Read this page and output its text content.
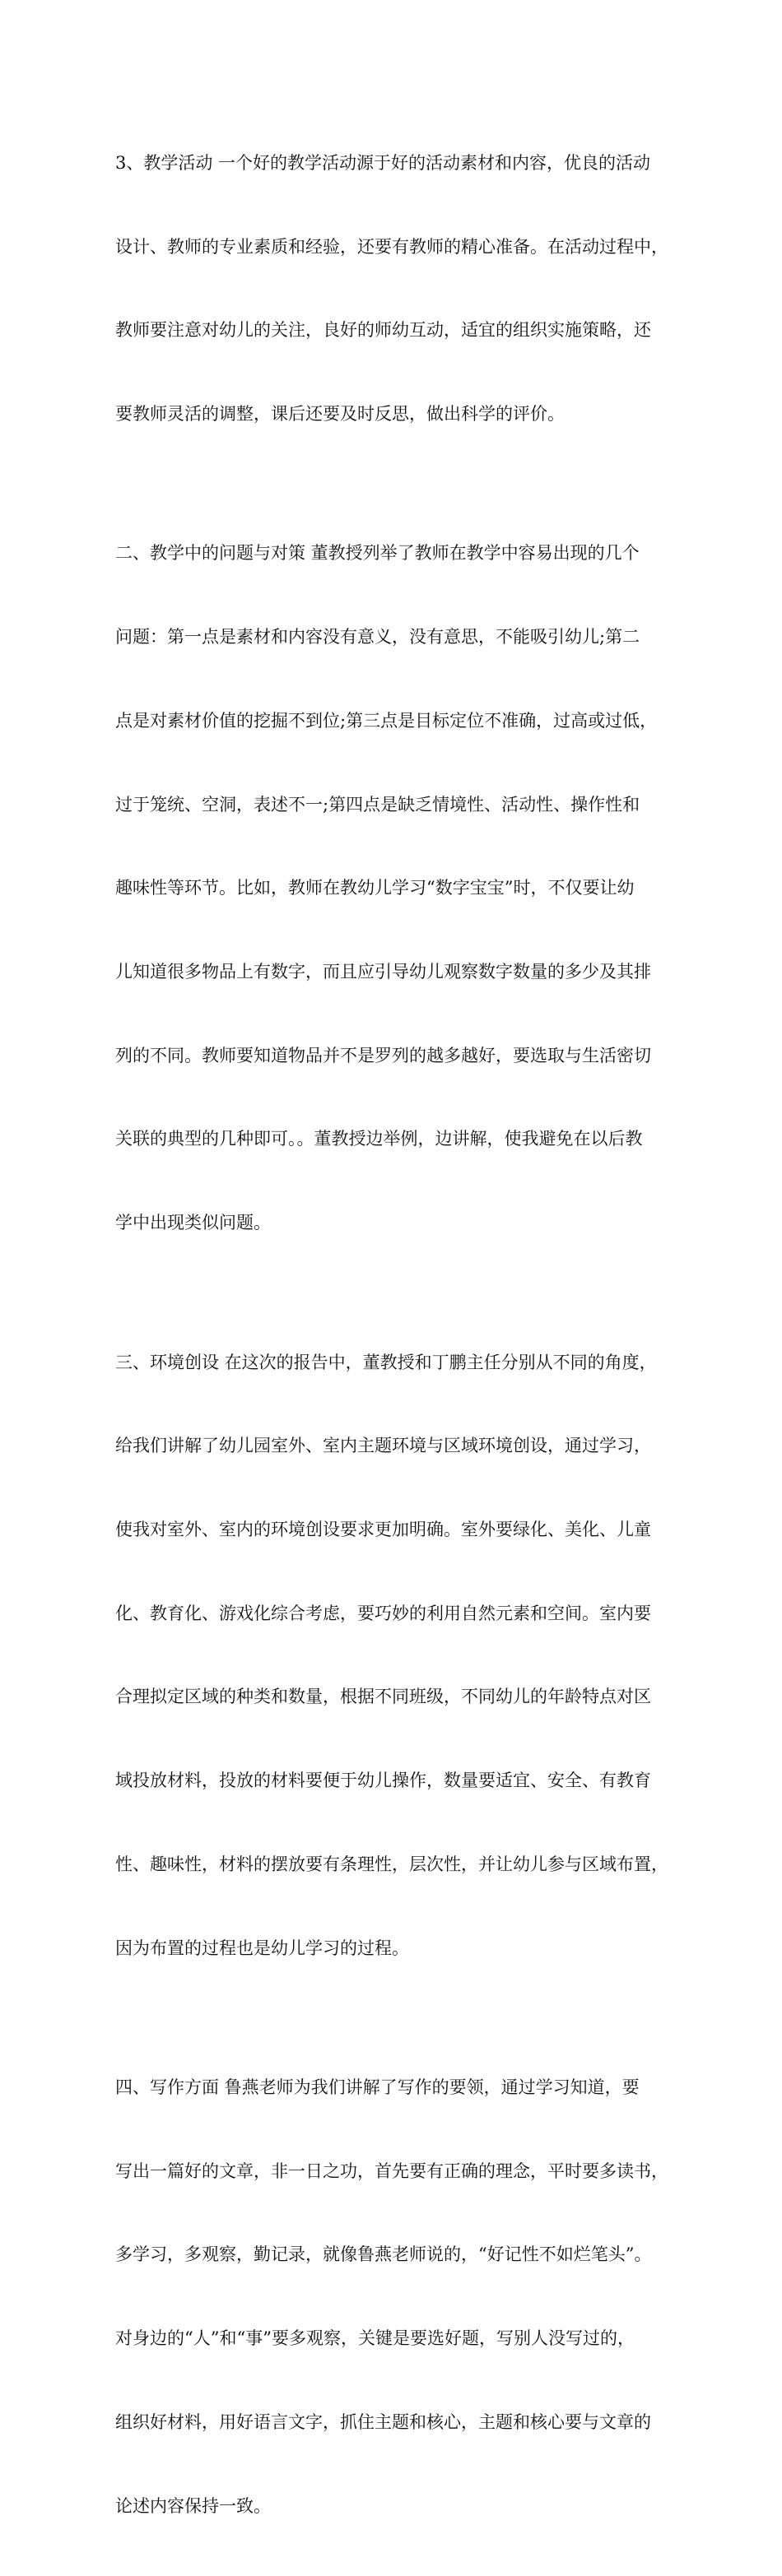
3、教学活动 一个好的教学活动源于好的活动素材和内容，优良的活动

设计、教师的专业素质和经验，还要有教师的精心准备。在活动过程中，

教师要注意对幼儿的关注，良好的师幼互动，适宜的组织实施策略，还

要教师灵活的调整，课后还要及时反思，做出科学的评价。

二、教学中的问题与对策 董教授列举了教师在教学中容易出现的几个

问题：第一点是素材和内容没有意义，没有意思，不能吸引幼儿;第二

点是对素材价值的挖掘不到位;第三点是目标定位不准确，过高或过低，

过于笼统、空洞，表述不一;第四点是缺乏情境性、活动性、操作性和

趣味性等环节。比如，教师在教幼儿学习“数字宝宝”时，不仅要让幼

儿知道很多物品上有数字，而且应引导幼儿观察数字数量的多少及其排

列的不同。教师要知道物品并不是罗列的越多越好，要选取与生活密切

关联的典型的几种即可。。董教授边举例，边讲解，使我避免在以后教

学中出现类似问题。

三、环境创设 在这次的报告中，董教授和丁鹏主任分别从不同的角度，

给我们讲解了幼儿园室外、室内主题环境与区域环境创设，通过学习，

使我对室外、室内的环境创设要求更加明确。室外要绿化、美化、儿童

化、教育化、游戏化综合考虑，要巧妙的利用自然元素和空间。室内要

合理拟定区域的种类和数量，根据不同班级，不同幼儿的年龄特点对区

域投放材料，投放的材料要便于幼儿操作，数量要适宜、安全、有教育

性、趣味性，材料的摆放要有条理性，层次性，并让幼儿参与区域布置，

因为布置的过程也是幼儿学习的过程。

四、写作方面 鲁燕老师为我们讲解了写作的要领，通过学习知道，要

写出一篇好的文章，非一日之功，首先要有正确的理念，平时要多读书，

多学习，多观察，勤记录，就像鲁燕老师说的，“好记性不如烂笔头”。

对身边的“人”和“事”要多观察，关键是要选好题，写别人没写过的，

组织好材料，用好语言文字，抓住主题和核心，主题和核心要与文章的

论述内容保持一致。
